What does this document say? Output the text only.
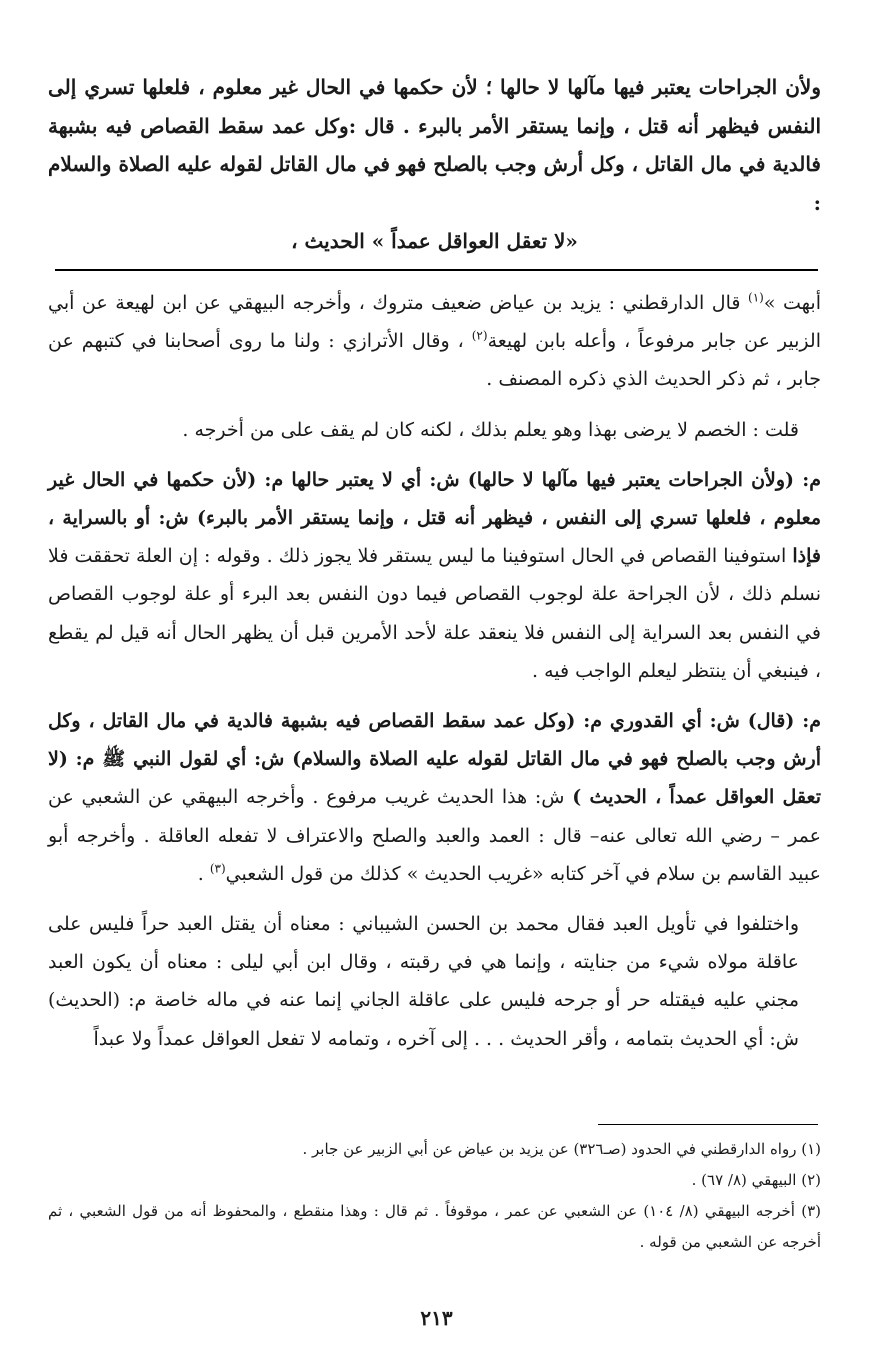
ولأن الجراحات يعتبر فيها مآلها لا حالها ؛ لأن حكمها في الحال غير معلوم ، فلعلها تسري إلى النفس فيظهر أنه قتل ، وإنما يستقر الأمر بالبرء . قال :وكل عمد سقط القصاص فيه بشبهة فالدية في مال القاتل ، وكل أرش وجب بالصلح فهو في مال القاتل لقوله عليه الصلاة والسلام :
«لا تعقل العواقل عمداً » الحديث ،

أبهت »$^{(١)}$ قال الدارقطني : يزيد بن عياض ضعيف متروك ، وأخرجه البيهقي عن ابن لهيعة عن أبي الزبير عن جابر مرفوعاً ، وأعله بابن لهيعة$^{(٢)}$ ، وقال الأترازي : ولنا ما روى أصحابنا في كتبهم عن جابر ، ثم ذكر الحديث الذي ذكره المصنف .

قلت : الخصم لا يرضى بهذا وهو يعلم بذلك ، لكنه كان لم يقف على من أخرجه .

م: (ولأن الجراحات يعتبر فيها مآلها لا حالها) ش: أي لا يعتبر حالها م: (لأن حكمها في الحال غير معلوم ، فلعلها تسري إلى النفس ، فيظهر أنه قتل ، وإنما يستقر الأمر بالبرء) ش: أو بالسراية ، فإذا استوفينا القصاص في الحال استوفينا ما ليس يستقر فلا يجوز ذلك . وقوله : إن العلة تحققت فلا نسلم ذلك ، لأن الجراحة علة لوجوب القصاص فيما دون النفس بعد البرء أو علة لوجوب القصاص في النفس بعد السراية إلى النفس فلا ينعقد علة لأحد الأمرين قبل أن يظهر الحال أنه قيل لم يقطع ، فينبغي أن ينتظر ليعلم الواجب فيه .

م: (قال) ش: أي القدوري م: (وكل عمد سقط القصاص فيه بشبهة فالدية في مال القاتل ، وكل أرش وجب بالصلح فهو في مال القاتل لقوله عليه الصلاة والسلام) ش: أي لقول النبي ﷺ م: (لا تعقل العواقل عمداً ، الحديث ) ش: هذا الحديث غريب مرفوع . وأخرجه البيهقي عن الشعبي عن عمر – رضي الله تعالى عنه– قال : العمد والعبد والصلح والاعتراف لا تفعله العاقلة . وأخرجه أبو عبيد القاسم بن سلام في آخر كتابه «غريب الحديث » كذلك من قول الشعبي$^{(٣)}$ .

واختلفوا في تأويل العبد فقال محمد بن الحسن الشيباني : معناه أن يقتل العبد حراً فليس على عاقلة مولاه شيء من جنايته ، وإنما هي في رقبته ، وقال ابن أبي ليلى : معناه أن يكون العبد مجني عليه فيقتله حر أو جرحه فليس على عاقلة الجاني إنما عنه في ماله خاصة م: (الحديث) ش: أي الحديث بتمامه ، وأقر الحديث . . . إلى آخره ، وتمامه لا تفعل العواقل عمداً ولا عبداً

(١) رواه الدارقطني في الحدود (صـ٣٢٦) عن يزيد بن عياض عن أبي الزبير عن جابر .

(٢) البيهقي (٨/ ٦٧) .

(٣) أخرجه البيهقي (٨/ ١٠٤) عن الشعبي عن عمر ، موقوفاً . ثم قال : وهذا منقطع ، والمحفوظ أنه من قول الشعبي ، ثم أخرجه عن الشعبي من قوله .

٢١٣
